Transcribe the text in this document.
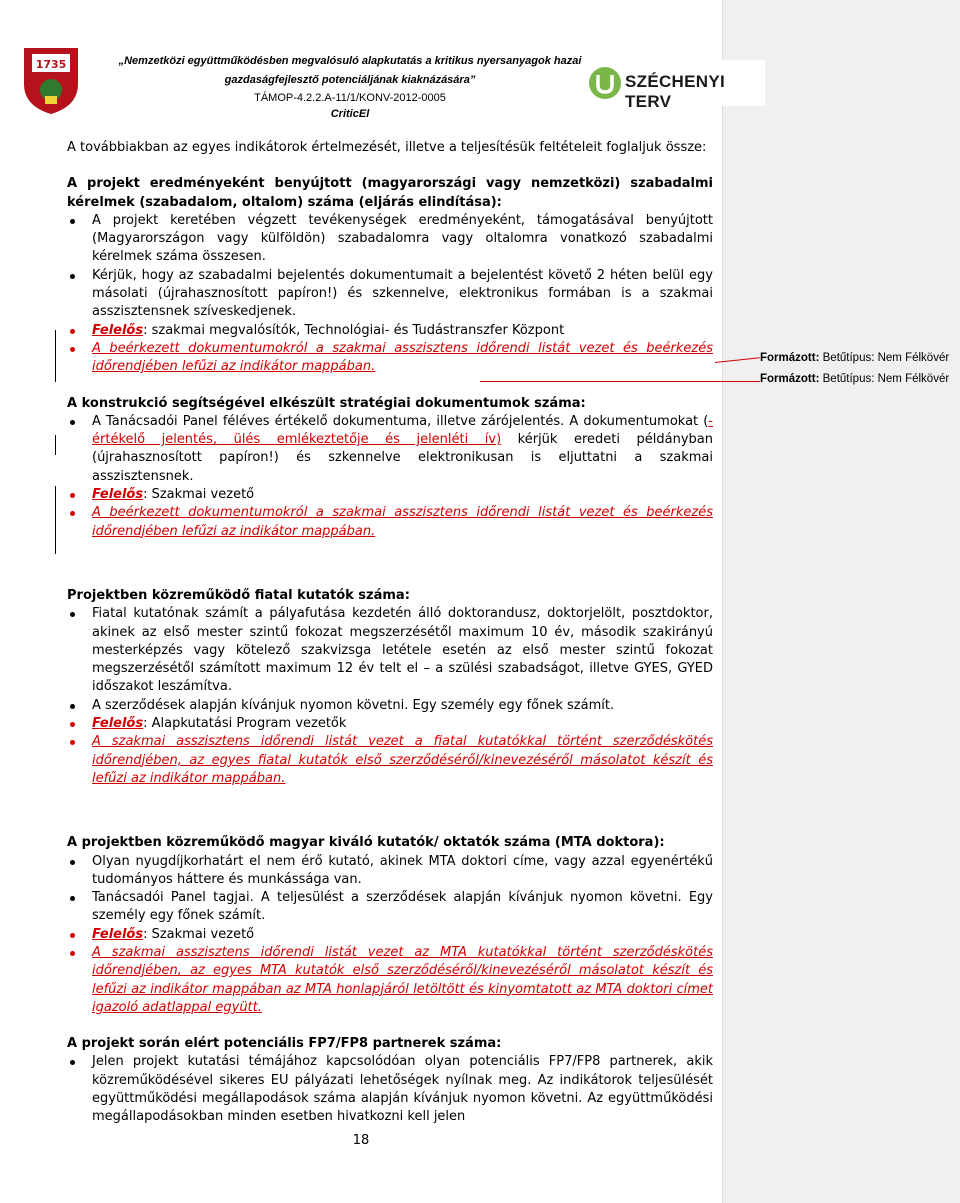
1735	„Nemzetközi együttműködésben megvalósuló alapkutatás a kritikus nyersanyagok hazai
gazdaságfejlesztő potenciáljának kiaknázására”
TÁMOP-4.2.2.A-11/1/KONV-2012-0005
CriticEl
SZÉCHENYI TERV

A továbbiakban az egyes indikátorok értelmezését, illetve a teljesítésük feltételeit foglaljuk össze:

A projekt eredményeként benyújtott (magyarországi vagy nemzetközi) szabadalmi kérelmek (szabadalom, oltalom) száma (eljárás elindítása):

A projekt keretében végzett tevékenységek eredményeként, támogatásával benyújtott (Magyarországon vagy külföldön) szabadalomra vagy oltalomra vonatkozó szabadalmi kérelmek száma összesen.
Kérjük, hogy az szabadalmi bejelentés dokumentumait a bejelentést követő 2 héten belül egy másolati (újrahasznosított papíron!) és szkennelve, elektronikus formában is a szakmai asszisztensnek szíveskedjenek.
Felelős: szakmai megvalósítók, Technológiai- és Tudástranszfer Központ
A beérkezett dokumentumokról a szakmai asszisztens időrendi listát vezet és beérkezés időrendjében lefűzi az indikátor mappában.

A konstrukció segítségével elkészült stratégiai dokumentumok száma:

A Tanácsadói Panel féléves értékelő dokumentuma, illetve zárójelentés. A dokumentumokat (-értékelő jelentés, ülés emlékeztetője és jelenléti ív) kérjük eredeti példányban (újrahasznosított papíron!) és szkennelve elektronikusan is eljuttatni a szakmai asszisztensnek.
Felelős: Szakmai vezető
A beérkezett dokumentumokról a szakmai asszisztens időrendi listát vezet és beérkezés időrendjében lefűzi az indikátor mappában.

Projektben közreműködő fiatal kutatók száma:

Fiatal kutatónak számít a pályafutása kezdetén álló doktorandusz, doktorjelölt, posztdoktor, akinek az első mester szintű fokozat megszerzésétől maximum 10 év, második szakirányú mesterképzés vagy kötelező szakvizsga letétele esetén az első mester szintű fokozat megszerzésétől számított maximum 12 év telt el – a szülési szabadságot, illetve GYES, GYED időszakot leszámítva.
A szerződések alapján kívánjuk nyomon követni. Egy személy egy főnek számít.
Felelős: Alapkutatási Program vezetők
A szakmai asszisztens időrendi listát vezet a fiatal kutatókkal történt szerződéskötés időrendjében, az egyes fiatal kutatók első szerződéséről/kinevezéséről másolatot készít és lefűzi az indikátor mappában.

A projektben közreműködő magyar kiváló kutatók/ oktatók száma (MTA doktora):

Olyan nyugdíjkorhatárt el nem érő kutató, akinek MTA doktori címe, vagy azzal egyenértékű tudományos háttere és munkássága van.
Tanácsadói Panel tagjai. A teljesülést a szerződések alapján kívánjuk nyomon követni. Egy személy egy főnek számít.
Felelős: Szakmai vezető
A szakmai asszisztens időrendi listát vezet az MTA kutatókkal történt szerződéskötés időrendjében, az egyes MTA kutatók első szerződéséről/kinevezéséről másolatot készít és lefűzi az indikátor mappában az MTA honlapjáról letöltött és kinyomtatott az MTA doktori címet igazoló adatlappal együtt.

A projekt során elért potenciális FP7/FP8 partnerek száma:

Jelen projekt kutatási témájához kapcsolódóan olyan potenciális FP7/FP8 partnerek, akik közreműködésével sikeres EU pályázati lehetőségek nyílnak meg. Az indikátorok teljesülését együttműködési megállapodások száma alapján kívánjuk nyomon követni. Az együttműködési megállapodásokban minden esetben hivatkozni kell jelen
Formázott: Betűtípus: Nem Félkövér
Formázott: Betűtípus: Nem Félkövér
18
